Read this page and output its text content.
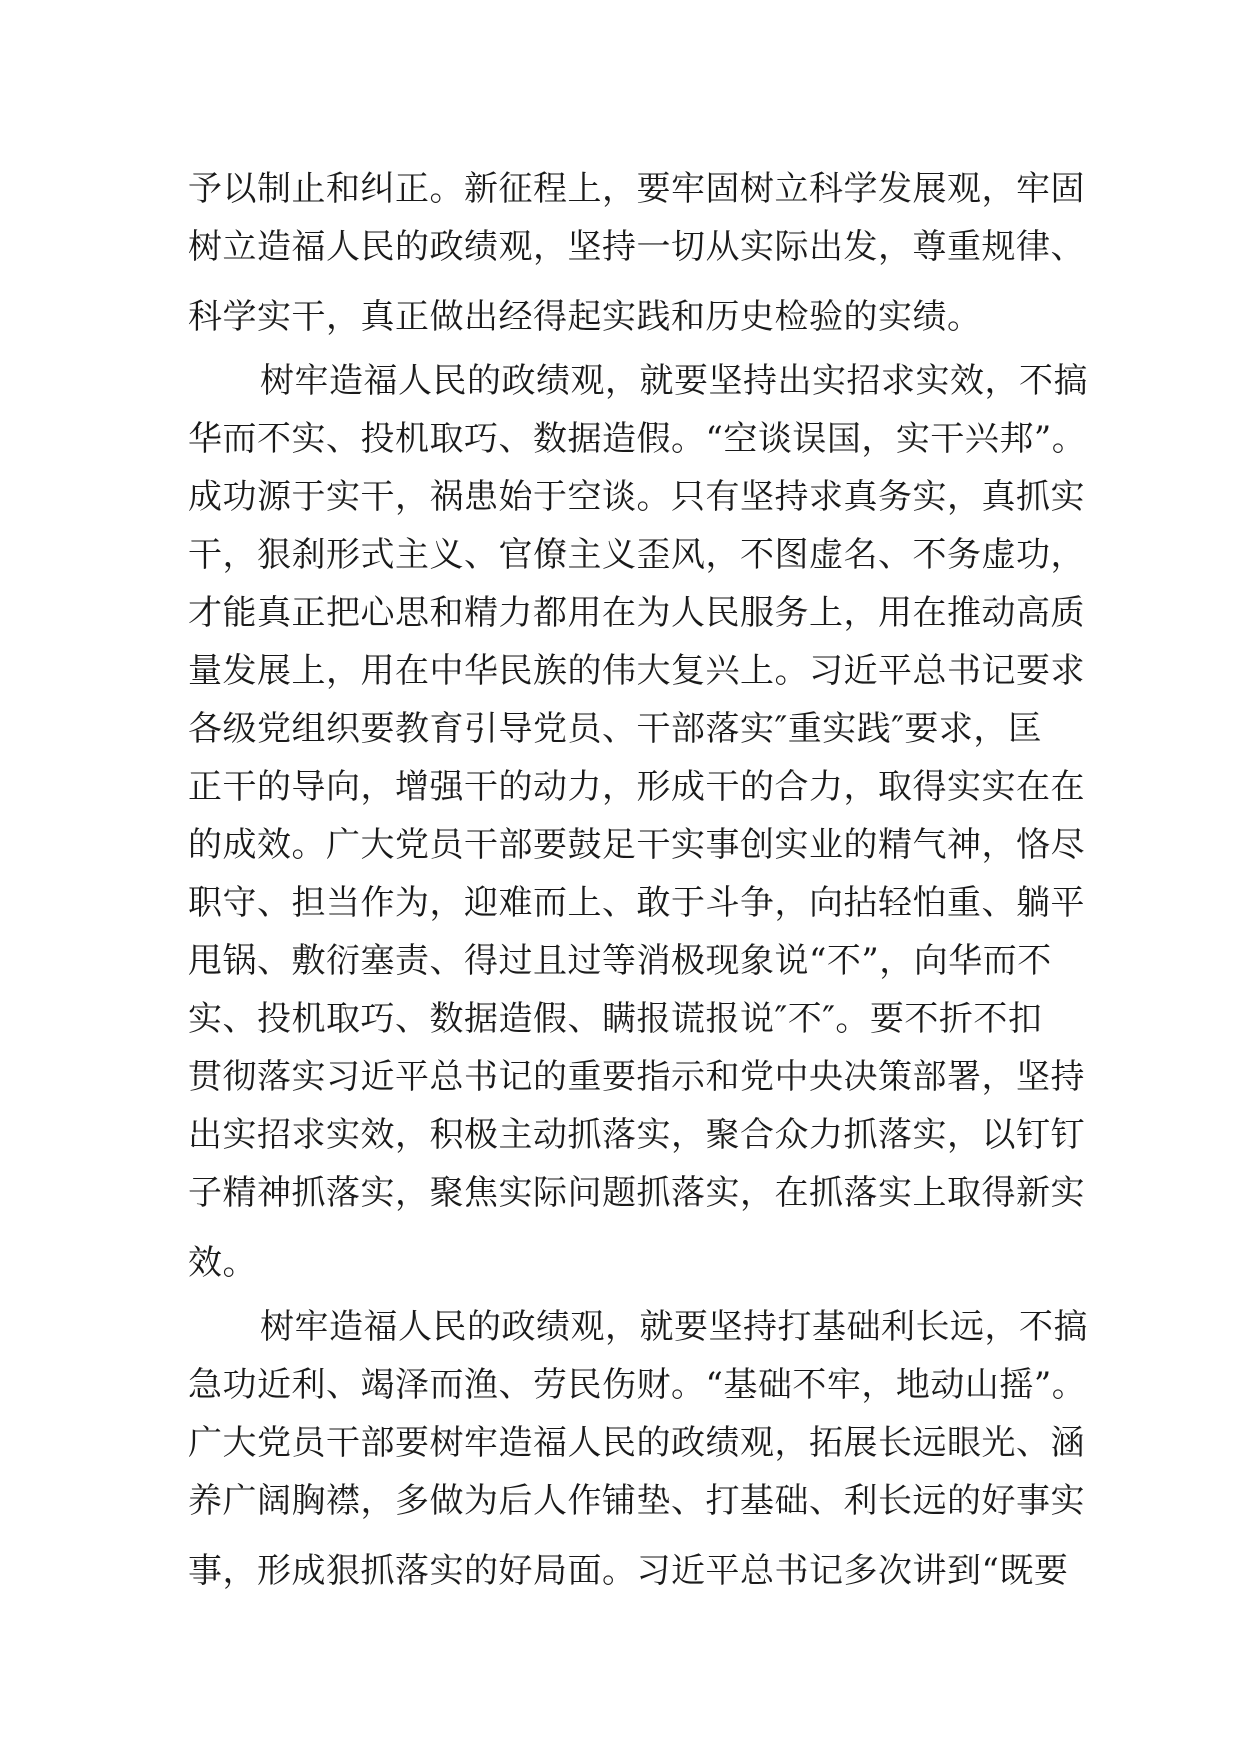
予以制止和纠正。新征程上，要牢固树立科学发展观，牢固
树立造福人民的政绩观，坚持一切从实际出发，尊重规律、
科学实干，真正做出经得起实践和历史检验的实绩。
树牢造福人民的政绩观，就要坚持出实招求实效，不搞
华而不实、投机取巧、数据造假。“空谈误国，实干兴邦”。
成功源于实干，祸患始于空谈。只有坚持求真务实，真抓实
干，狠刹形式主义、官僚主义歪风，不图虚名、不务虚功，
才能真正把心思和精力都用在为人民服务上，用在推动高质
量发展上，用在中华民族的伟大复兴上。习近平总书记要求
各级党组织要教育引导党员、干部落实″重实践″要求，匡
正干的导向，增强干的动力，形成干的合力，取得实实在在
的成效。广大党员干部要鼓足干实事创实业的精气神，恪尽
职守、担当作为，迎难而上、敢于斗争，向拈轻怕重、躺平
甩锅、敷衍塞责、得过且过等消极现象说“不”，向华而不
实、投机取巧、数据造假、瞒报谎报说″不″。要不折不扣
贯彻落实习近平总书记的重要指示和党中央决策部署，坚持
出实招求实效，积极主动抓落实，聚合众力抓落实，以钉钉
子精神抓落实，聚焦实际问题抓落实，在抓落实上取得新实
效。
树牢造福人民的政绩观，就要坚持打基础利长远，不搞
急功近利、竭泽而渔、劳民伤财。“基础不牢，地动山摇”。
广大党员干部要树牢造福人民的政绩观，拓展长远眼光、涵
养广阔胸襟，多做为后人作铺垫、打基础、利长远的好事实
事，形成狠抓落实的好局面。习近平总书记多次讲到“既要
